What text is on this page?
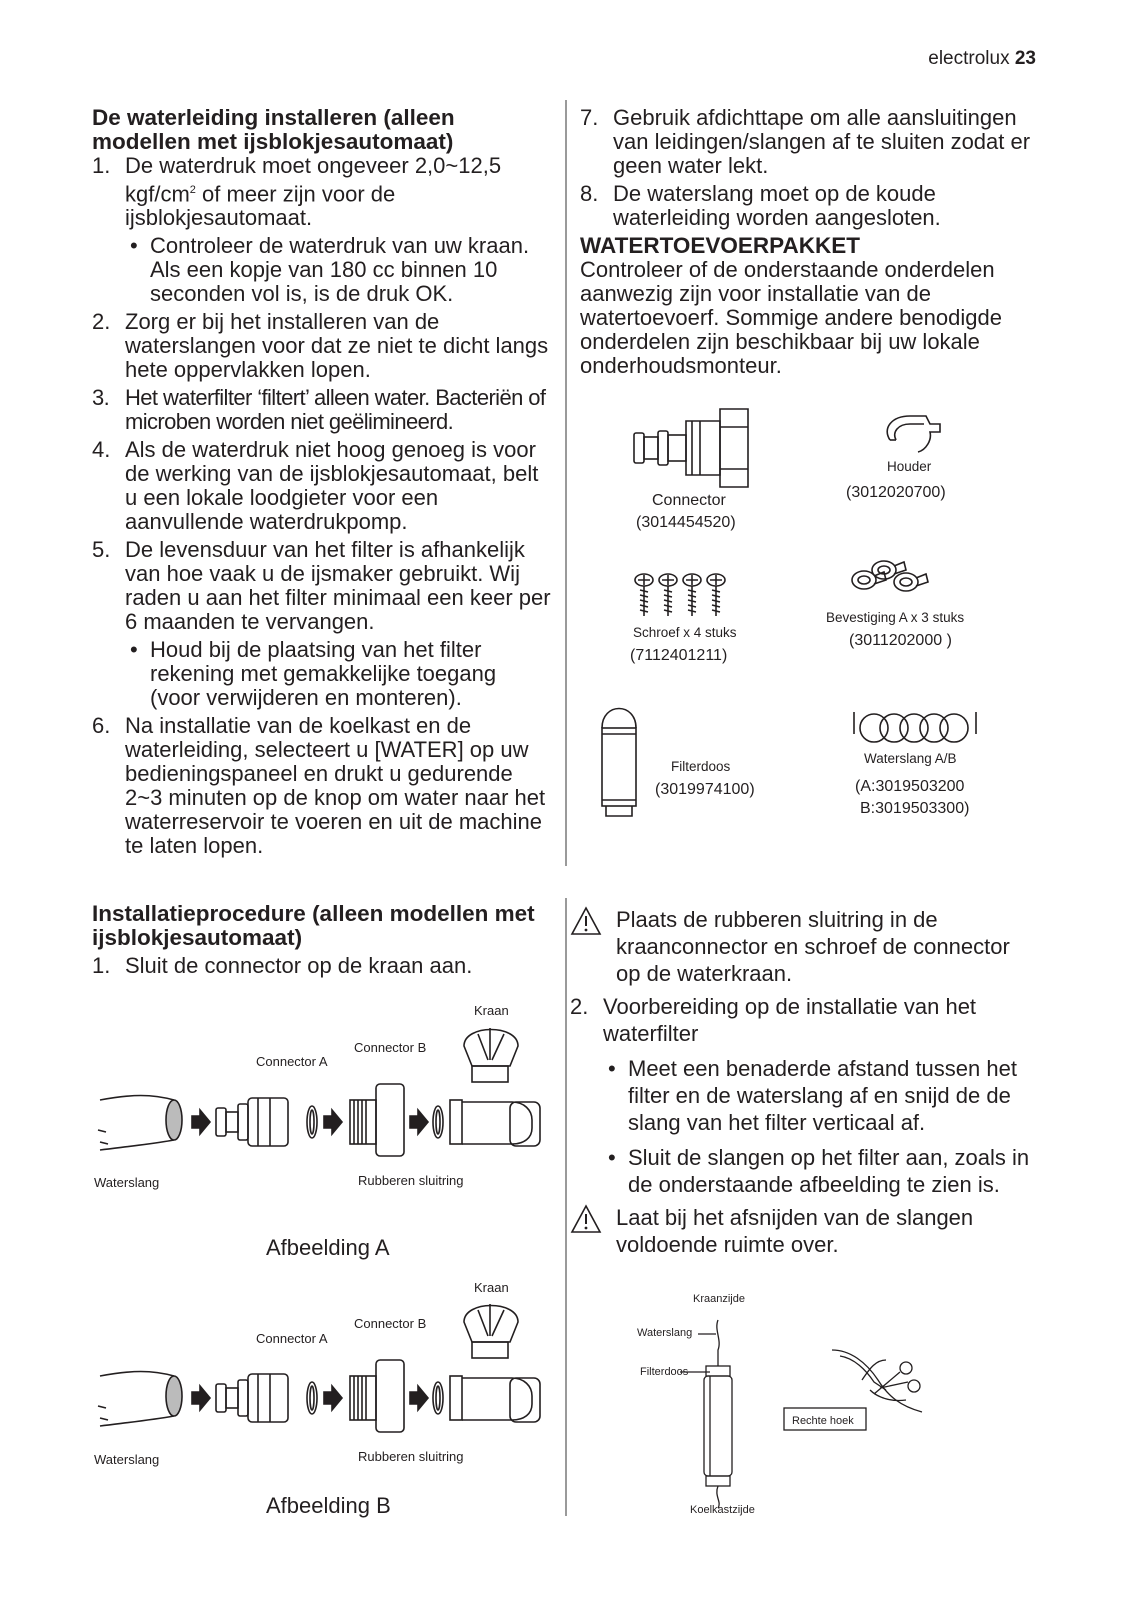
electrolux 23
De waterleiding installeren (alleen modellen met ijsblokjesautomaat)
1. De waterdruk moet ongeveer 2,0~12,5 kgf/$cm^2$ of meer zijn voor de ijsblokjesautomaat.
• Controleer de waterdruk van uw kraan. Als een kopje van 180 cc binnen 10 seconden vol is, is de druk OK.
2. Zorg er bij het installeren van de waterslangen voor dat ze niet te dicht langs hete oppervlakken lopen.
3. Het waterfilter ‘filtert’ alleen water. Bacteriën of microben worden niet geëlimineerd.
4. Als de waterdruk niet hoog genoeg is voor de werking van de ijsblokjesautomaat, belt u een lokale loodgieter voor een aanvullende waterdrukpomp.
5. De levensduur van het filter is afhankelijk van hoe vaak u de ijsmaker gebruikt. Wij raden u aan het filter minimaal een keer per 6 maanden te vervangen.
• Houd bij de plaatsing van het filter rekening met gemakkelijke toegang (voor verwijderen en monteren).
6. Na installatie van de koelkast en de waterleiding, selecteert u [WATER] op uw bedieningspaneel en drukt u gedurende 2~3 minuten op de knop om water naar het waterreservoir te voeren en uit de machine te laten lopen.
7. Gebruik afdichttape om alle aansluitingen van leidingen/slangen af te sluiten zodat er geen water lekt.
8. De waterslang moet op de koude waterleiding worden aangesloten.
WATERTOEVOERPAKKET
Controleer of de onderstaande onderdelen aanwezig zijn voor installatie van de watertoevoerf. Sommige andere benodigde onderdelen zijn beschikbaar bij uw lokale onderhoudsmonteur.
Connector
(3014454520)
Houder
(3012020700)
Schroef x 4 stuks
(7112401211)
Bevestiging A x 3 stuks
(3011202000 )
Filterdoos
(3019974100)
Waterslang A/B
(A:3019503200
B:3019503300)
Installatieprocedure (alleen modellen met ijsblokjesautomaat)
1. Sluit de connector op de kraan aan.
Kraan
Connector B
Connector A
Waterslang	Rubberen sluitring
Afbeelding A
Kraan
Connector B
Connector A
Waterslang	Rubberen sluitring
Afbeelding B
Plaats de rubberen sluitring in de kraanconnector en schroef de connector op de waterkraan.
2. Voorbereiding op de installatie van het waterfilter
• Meet een benaderde afstand tussen het filter en de waterslang af en snijd de de slang van het filter verticaal af.
• Sluit de slangen op het filter aan, zoals in de onderstaande afbeelding te zien is.
Laat bij het afsnijden van de slangen voldoende ruimte over.
Kraanzijde
Waterslang
Filterdoos
Rechte hoek
Koelkastzijde
